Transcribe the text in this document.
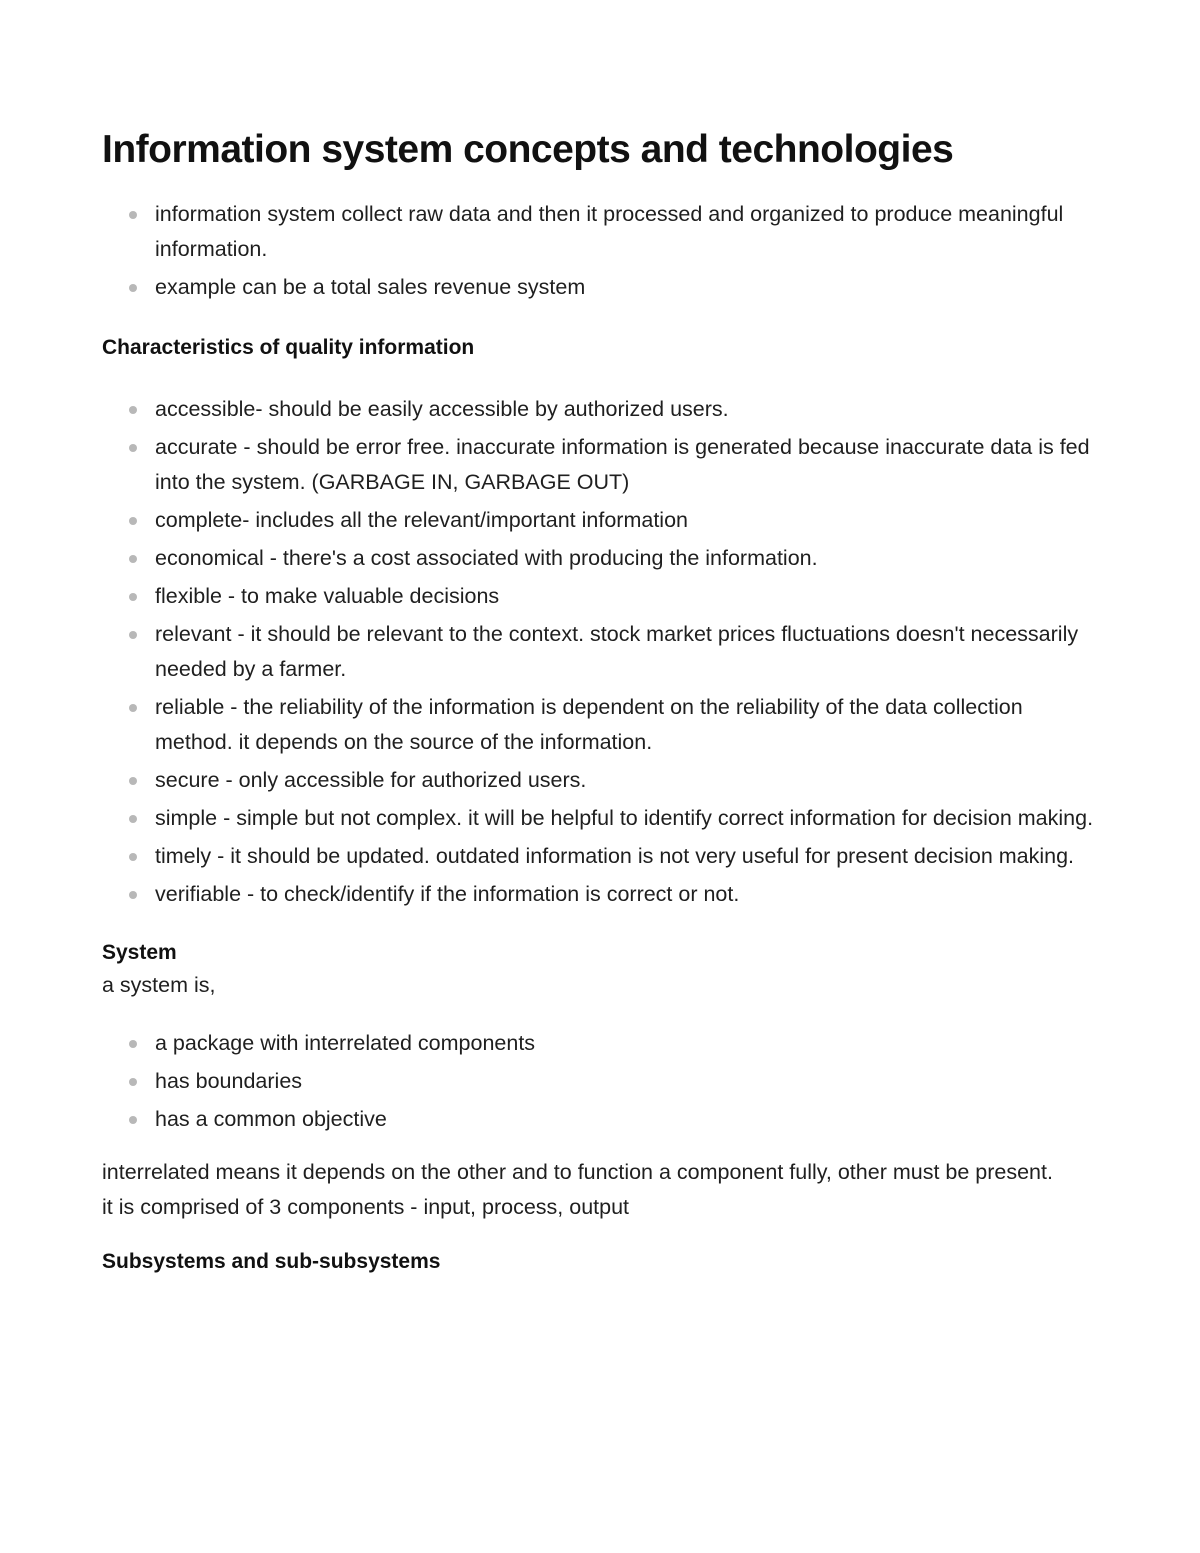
Information system concepts and technologies
information system collect raw data and then it processed and organized to produce meaningful information.
example can be a total sales revenue system
Characteristics of quality information
accessible- should be easily accessible by authorized users.
accurate - should be error free. inaccurate information is generated because inaccurate data is fed into the system. (GARBAGE IN, GARBAGE OUT)
complete- includes all the relevant/important information
economical - there's a cost associated with producing the information.
flexible - to make valuable decisions
relevant - it should be relevant to the context. stock market prices fluctuations doesn't necessarily needed by a farmer.
reliable - the reliability of the information is dependent on the reliability of the data collection method. it depends on the source of the information.
secure - only accessible for authorized users.
simple - simple but not complex. it will be helpful to identify correct information for decision making.
timely - it should be updated. outdated information is not very useful for present decision making.
verifiable - to check/identify if the information is correct or not.
System

a system is,

a package with interrelated components
has boundaries
has a common objective

interrelated means it depends on the other and to function a component fully, other must be present.

it is comprised of 3 components - input, process, output

Subsystems and sub-subsystems
